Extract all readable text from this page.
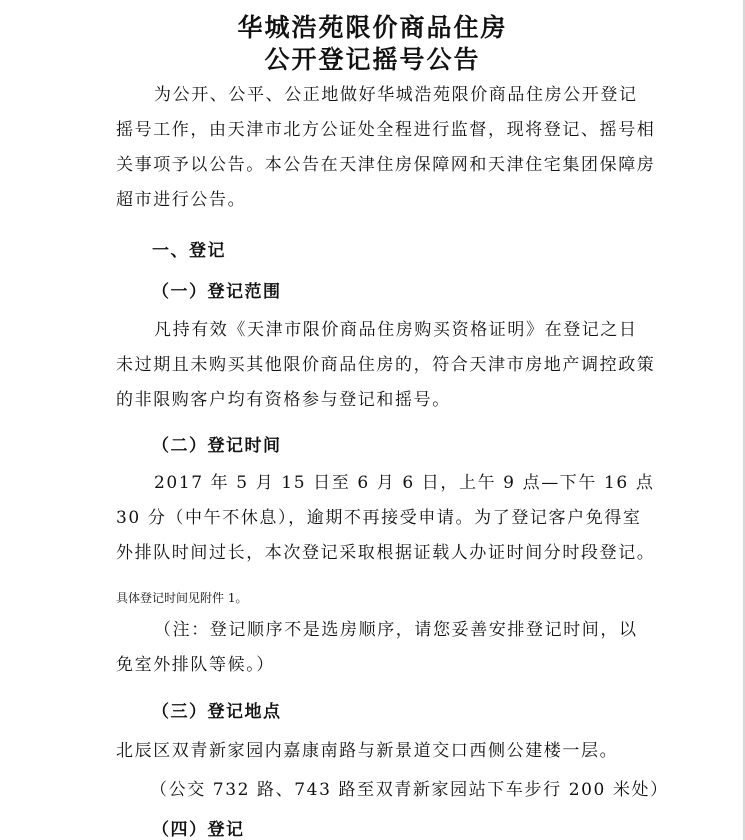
华城浩苑限价商品住房
公开登记摇号公告

为公开、公平、公正地做好华城浩苑限价商品住房公开登记摇号工作，由天津市北方公证处全程进行监督，现将登记、摇号相关事项予以公告。本公告在天津住房保障网和天津住宅集团保障房超市进行公告。

一、登记
（一）登记范围

凡持有效《天津市限价商品住房购买资格证明》在登记之日未过期且未购买其他限价商品住房的，符合天津市房地产调控政策的非限购客户均有资格参与登记和摇号。

（二）登记时间

2017 年 5 月 15 日至 6 月 6 日，上午 9 点—下午 16 点 30 分（中午不休息），逾期不再接受申请。为了登记客户免得室外排队时间过长，本次登记采取根据证载人办证时间分时段登记。

具体登记时间见附件 1。

（注：登记顺序不是选房顺序，请您妥善安排登记时间，以免室外排队等候。）

（三）登记地点
北辰区双青新家园内嘉康南路与新景道交口西侧公建楼一层。
（公交 732 路、743 路至双青新家园站下车步行 200 米处）
（四）登记
